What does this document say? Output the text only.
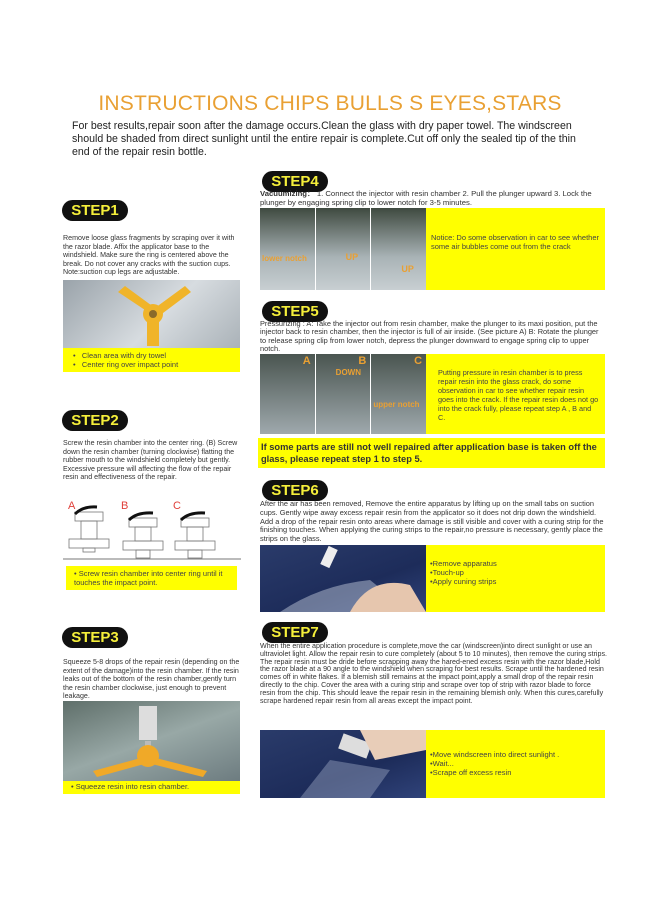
INSTRUCTIONS CHIPS BULLS S EYES,STARS
For best results,repair soon after the damage occurs.Clean the glass with dry paper towel. The windscreen should be shaded from direct sunlight until the entire repair is complete.Cut off only the sealed tip of the thin end of the repair resin bottle.
STEP1
Remove loose glass fragments by scraping over it with the razor blade. Affix the applicator base to the windshield. Make sure the ring is centered above the break. Do not cover any cracks with the suction cups. Note:suction cup legs are adjustable.
•   Clean area with dry towel
•   Center ring over impact point
STEP2
Screw the resin chamber into the center ring. (B) Screw down the resin chamber (turning clockwise) flatting the rubber mouth to the windshield completely but gently. Excessive pressure will affecting the flow of the repair resin and effectiveness of the repair.
A	B	C
• Screw resin chamber into center ring until it touches the impact point.
STEP3
Squeeze 5-8 drops of the repair resin (depending on the extent of the damage)into the resin chamber. If the resin leaks out of the bottom of the resin chamber,gently turn the resin chamber clockwise, just enough to prevent leakage.
• Squeeze resin into resin chamber.
STEP4
Vacuumizing： 1. Connect the injector with resin chamber 2. Pull the plunger upward 3. Lock the plunger by engaging spring clip to lower notch for 3-5 minutes.
lower notch	UP
UP
Notice: Do some observation in car to see whether some air bubbles come out from the crack
STEP5
Pressurizing : A: Take the injector out from resin chamber, make the plunger to its maxi position, put the injector back to resin chamber, then the injector is full of air inside. (See picture A) B: Rotate the plunger to release spring clip from lower notch, depress the plunger downward to engage spring clip to upper notch.
A	B
DOWN
C
upper notch
Putting pressure in resin chamber is to press repair resin into the glass crack, do some observation in car to see whether repair resin goes into the crack. If the repair resin does not go into the crack fully, please repeat step A , B and C.
If some parts are still not well repaired after application base is taken off the glass, please repeat step 1 to step 5.
STEP6
After the air has been removed, Remove the entire apparatus by lifting up on the small tabs on suction cups. Gently wipe away excess repair resin from the applicator so it does not drip down the windshield. Add a drop of the repair resin onto areas where damage is still visible and cover with a curing strip for the finishing touches. When applying the curing strips to the repair,no pressure is necessary, gently place the strips on the glass.
•Remove apparatus
•Touch-up
•Apply cuning strips
STEP7
When the entire application procedure is complete,move the car (windscreen)into direct sunlight or use an ultraviolet light. Allow the repair resin to cure completely (about 5 to 10 minutes), then remove the curing strips. The repair resin must be dride before scrapping away the hared-ened excess resin with the razor blade,Hold the razor blade at a 90 angle to the windshield when scraping for best results. Scrape until the hardened resin comes off in white flakes. If a blemish still remains at the impact point,apply a small drop of the repair resin directly to the chip. Cover the area with a curing strip and scrape over top of strip with razor blade to force resin from the chip. This should leave the repair resin in the remaining blemish only. When this cures,carefully scrape hardened repair resin from all areas except the impact point.
•Move windscreen into direct sunlight .
•Wait...
•Scrape off excess resin
